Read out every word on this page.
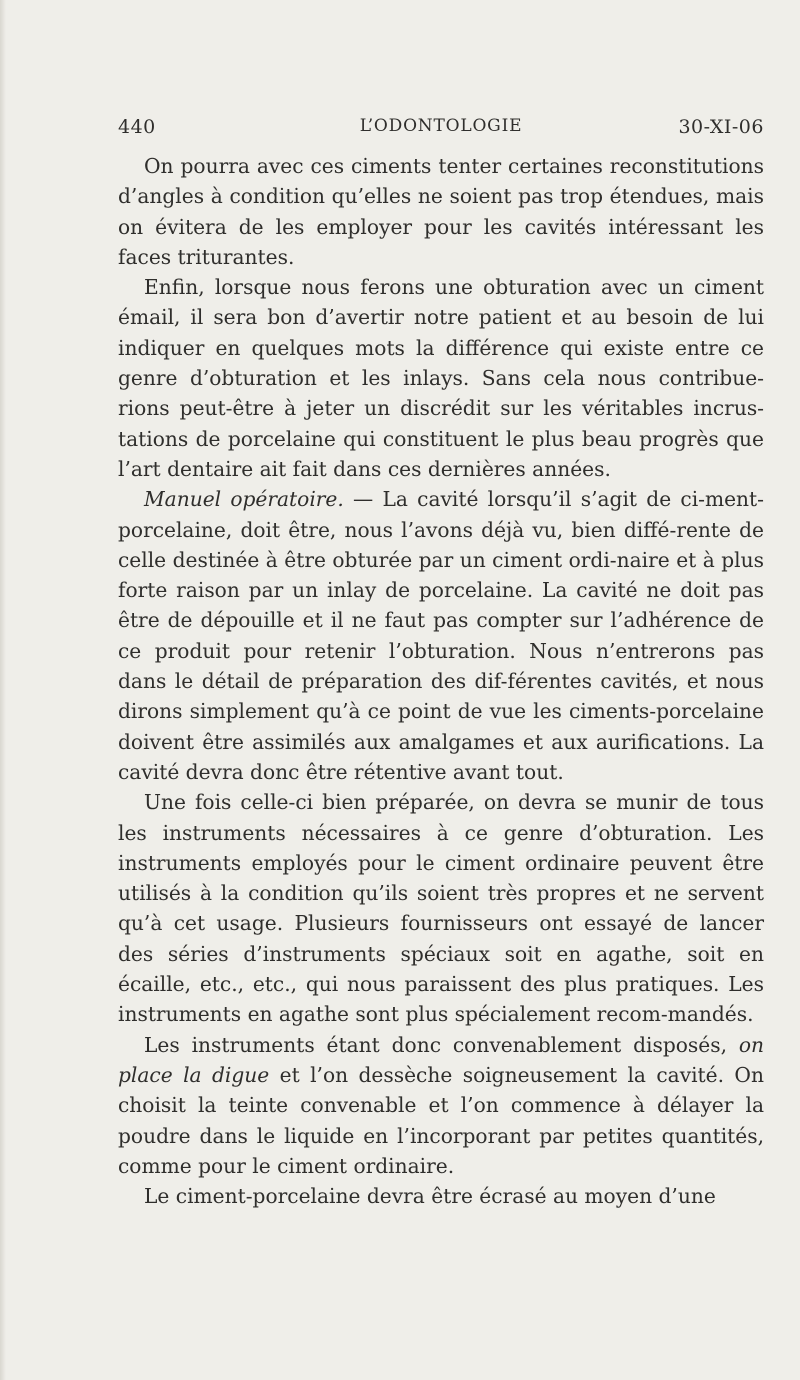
440	L’ODONTOLOGIE	30-XI-06

On pourra avec ces ciments tenter certaines reconstitutions d’angles à condition qu’elles ne soient pas trop étendues, mais on évitera de les employer pour les cavités intéressant les faces triturantes.

Enfin, lorsque nous ferons une obturation avec un ciment émail, il sera bon d’avertir notre patient et au besoin de lui indiquer en quelques mots la différence qui existe entre ce genre d’obturation et les inlays. Sans cela nous contribue-rions peut-être à jeter un discrédit sur les véritables incrus-tations de porcelaine qui constituent le plus beau progrès que l’art dentaire ait fait dans ces dernières années.

Manuel opératoire. — La cavité lorsqu’il s’agit de ci-ment-porcelaine, doit être, nous l’avons déjà vu, bien diffé-rente de celle destinée à être obturée par un ciment ordi-naire et à plus forte raison par un inlay de porcelaine. La cavité ne doit pas être de dépouille et il ne faut pas compter sur l’adhérence de ce produit pour retenir l’obturation. Nous n’entrerons pas dans le détail de préparation des dif-férentes cavités, et nous dirons simplement qu’à ce point de vue les ciments-porcelaine doivent être assimilés aux amalgames et aux aurifications. La cavité devra donc être rétentive avant tout.

Une fois celle-ci bien préparée, on devra se munir de tous les instruments nécessaires à ce genre d’obturation. Les instruments employés pour le ciment ordinaire peuvent être utilisés à la condition qu’ils soient très propres et ne servent qu’à cet usage. Plusieurs fournisseurs ont essayé de lancer des séries d’instruments spéciaux soit en agathe, soit en écaille, etc., etc., qui nous paraissent des plus pratiques. Les instruments en agathe sont plus spécialement recom-mandés.

Les instruments étant donc convenablement disposés, on place la digue et l’on dessèche soigneusement la cavité. On choisit la teinte convenable et l’on commence à délayer la poudre dans le liquide en l’incorporant par petites quantités, comme pour le ciment ordinaire.

Le ciment-porcelaine devra être écrasé au moyen d’une
